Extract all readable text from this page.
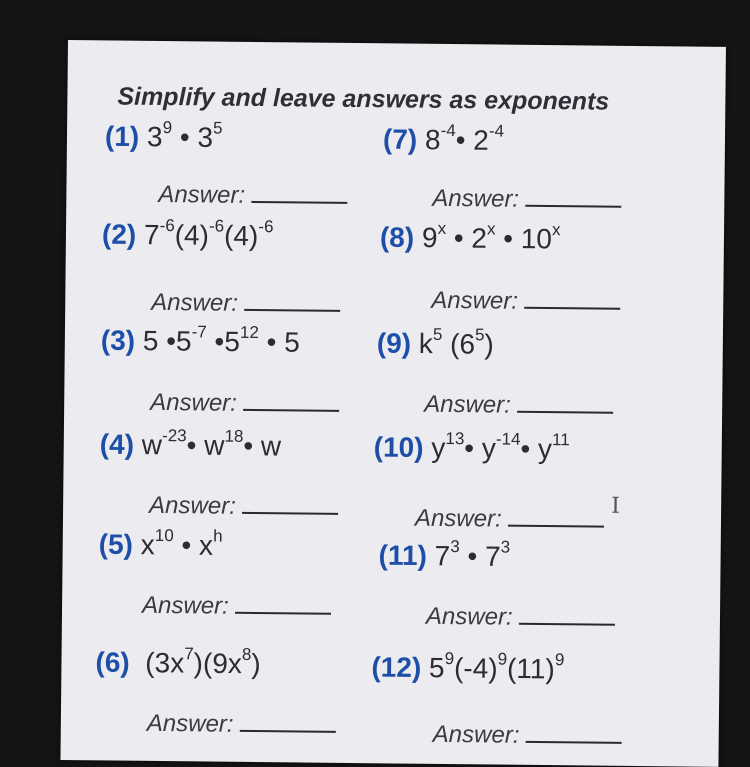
Simplify and leave answers as exponents
(1) $3^9$ • $3^5$
Answer:
(2) $7^{-6}(4)^{-6}(4)^{-6}$
Answer:
(3) 5 $•5^{-7}$ $•5^{12}$ • 5
Answer:
(4) $w^{-23}•$ $w^{18}•$ w
Answer:
(5) $x^{10}$ • $x^h$
Answer:
(6) $(3x^7)(9x^8)$
Answer:
(7) $8^{-4}•$ $2^{-4}$
Answer:
(8) 9$^x$ • 2$^x$ • 10$^x$
Answer:
(9) $k^5$ $(6^5)$
Answer:
(10) $y^{13}•$ $y^{-14}•$ $y^{11}$
Answer:
(11) $7^3$ • $7^3$
Answer:
(12) $5^9(-4)^9(11)^9$
Answer:
I
